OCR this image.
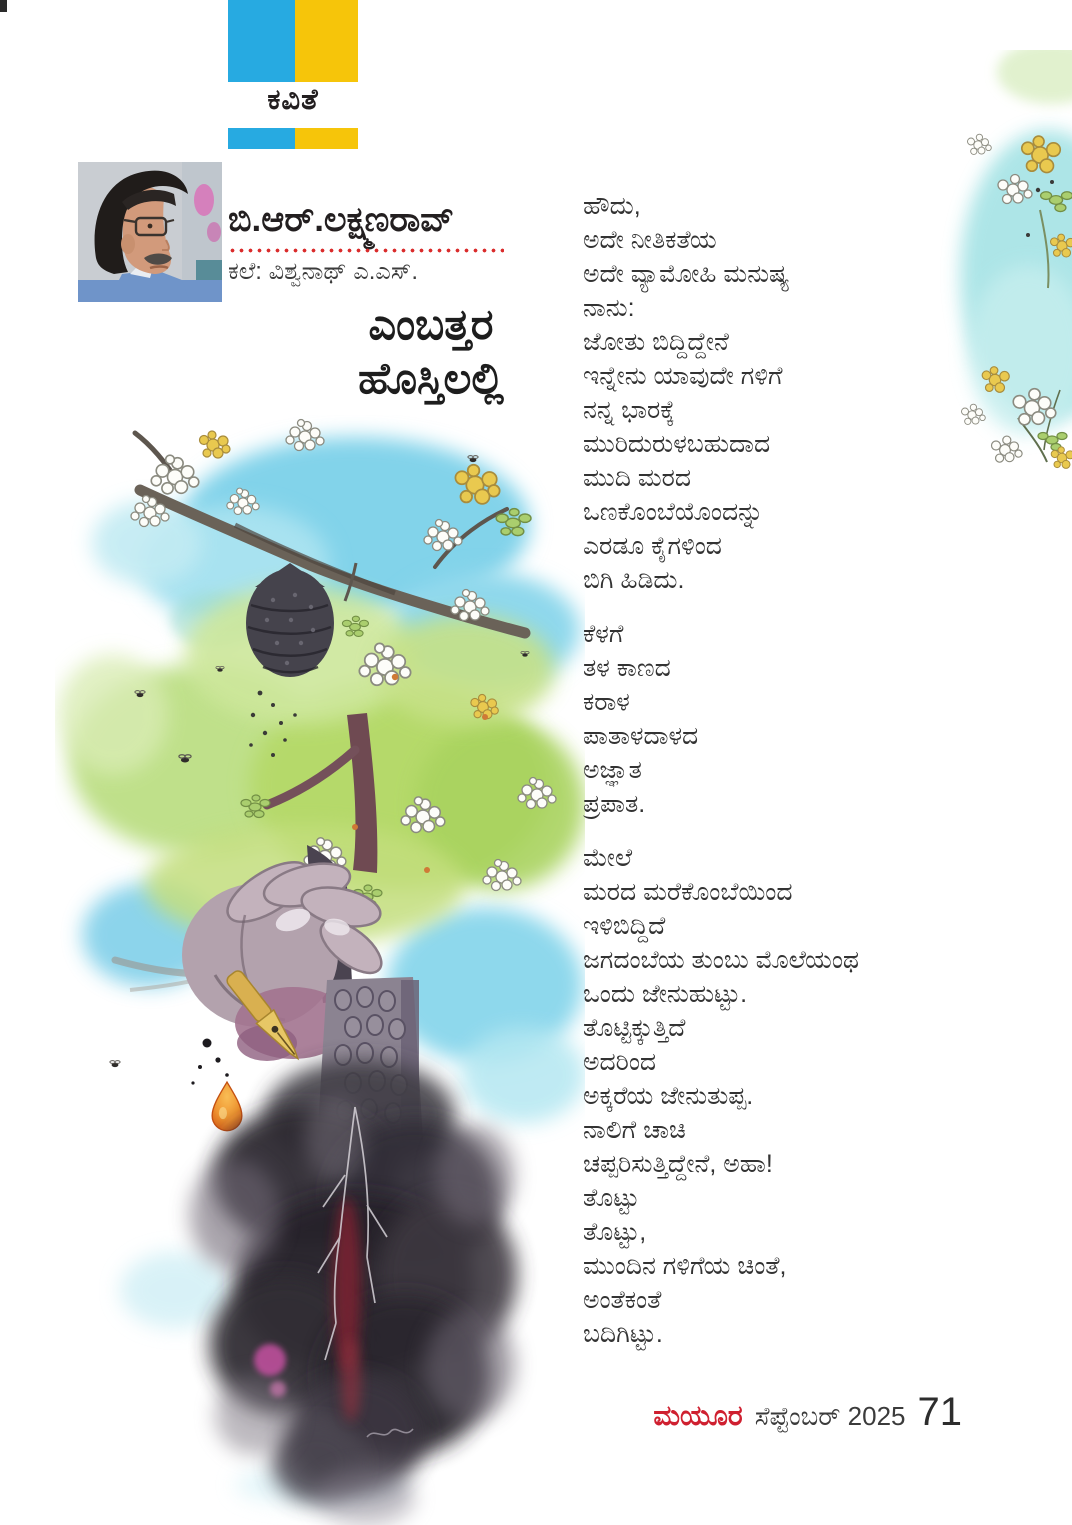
ಕವಿತೆ
ಬಿ.ಆರ್.ಲಕ್ಷ್ಮಣರಾವ್
ಕಲೆ: ವಿಶ್ವನಾಥ್ ಎ.ಎಸ್.
ಎಂಬತ್ತರ
ಹೊಸ್ತಿಲಲ್ಲಿ
ಹೌದು,
ಅದೇ ನೀತಿಕತೆಯ
ಅದೇ ವ್ಯಾಮೋಹಿ ಮನುಷ್ಯ
ನಾನು:
ಜೋತು ಬಿದ್ದಿದ್ದೇನೆ
ಇನ್ನೇನು ಯಾವುದೇ ಗಳಿಗೆ
ನನ್ನ ಭಾರಕ್ಕೆ
ಮುರಿದುರುಳಬಹುದಾದ
ಮುದಿ ಮರದ
ಒಣಕೊಂಬೆಯೊಂದನ್ನು
ಎರಡೂ ಕೈಗಳಿಂದ
ಬಿಗಿ ಹಿಡಿದು.
ಕೆಳಗೆ
ತಳ ಕಾಣದ
ಕರಾಳ
ಪಾತಾಳದಾಳದ
ಅಜ್ಞಾತ
ಪ್ರಪಾತ.
ಮೇಲೆ
ಮರದ ಮರೆಕೊಂಬೆಯಿಂದ
ಇಳಿಬಿದ್ದಿದೆ
ಜಗದಂಬೆಯ ತುಂಬು ಮೊಲೆಯಂಥ
ಒಂದು ಜೇನುಹುಟ್ಟು.
ತೊಟ್ಟಿಕ್ಕುತ್ತಿದೆ
ಅದರಿಂದ
ಅಕ್ಕರೆಯ ಜೇನುತುಪ್ಪ.
ನಾಲಿಗೆ ಚಾಚಿ
ಚಪ್ಪರಿಸುತ್ತಿದ್ದೇನೆ, ಅಹಾ!
ತೊಟ್ಟು
ತೊಟ್ಟು,
ಮುಂದಿನ ಗಳಿಗೆಯ ಚಿಂತೆ,
ಅಂತೆಕಂತೆ
ಬದಿಗಿಟ್ಟು.
ಮಯೂರ ಸೆಪ್ಟೆಂಬರ್ 2025 71
